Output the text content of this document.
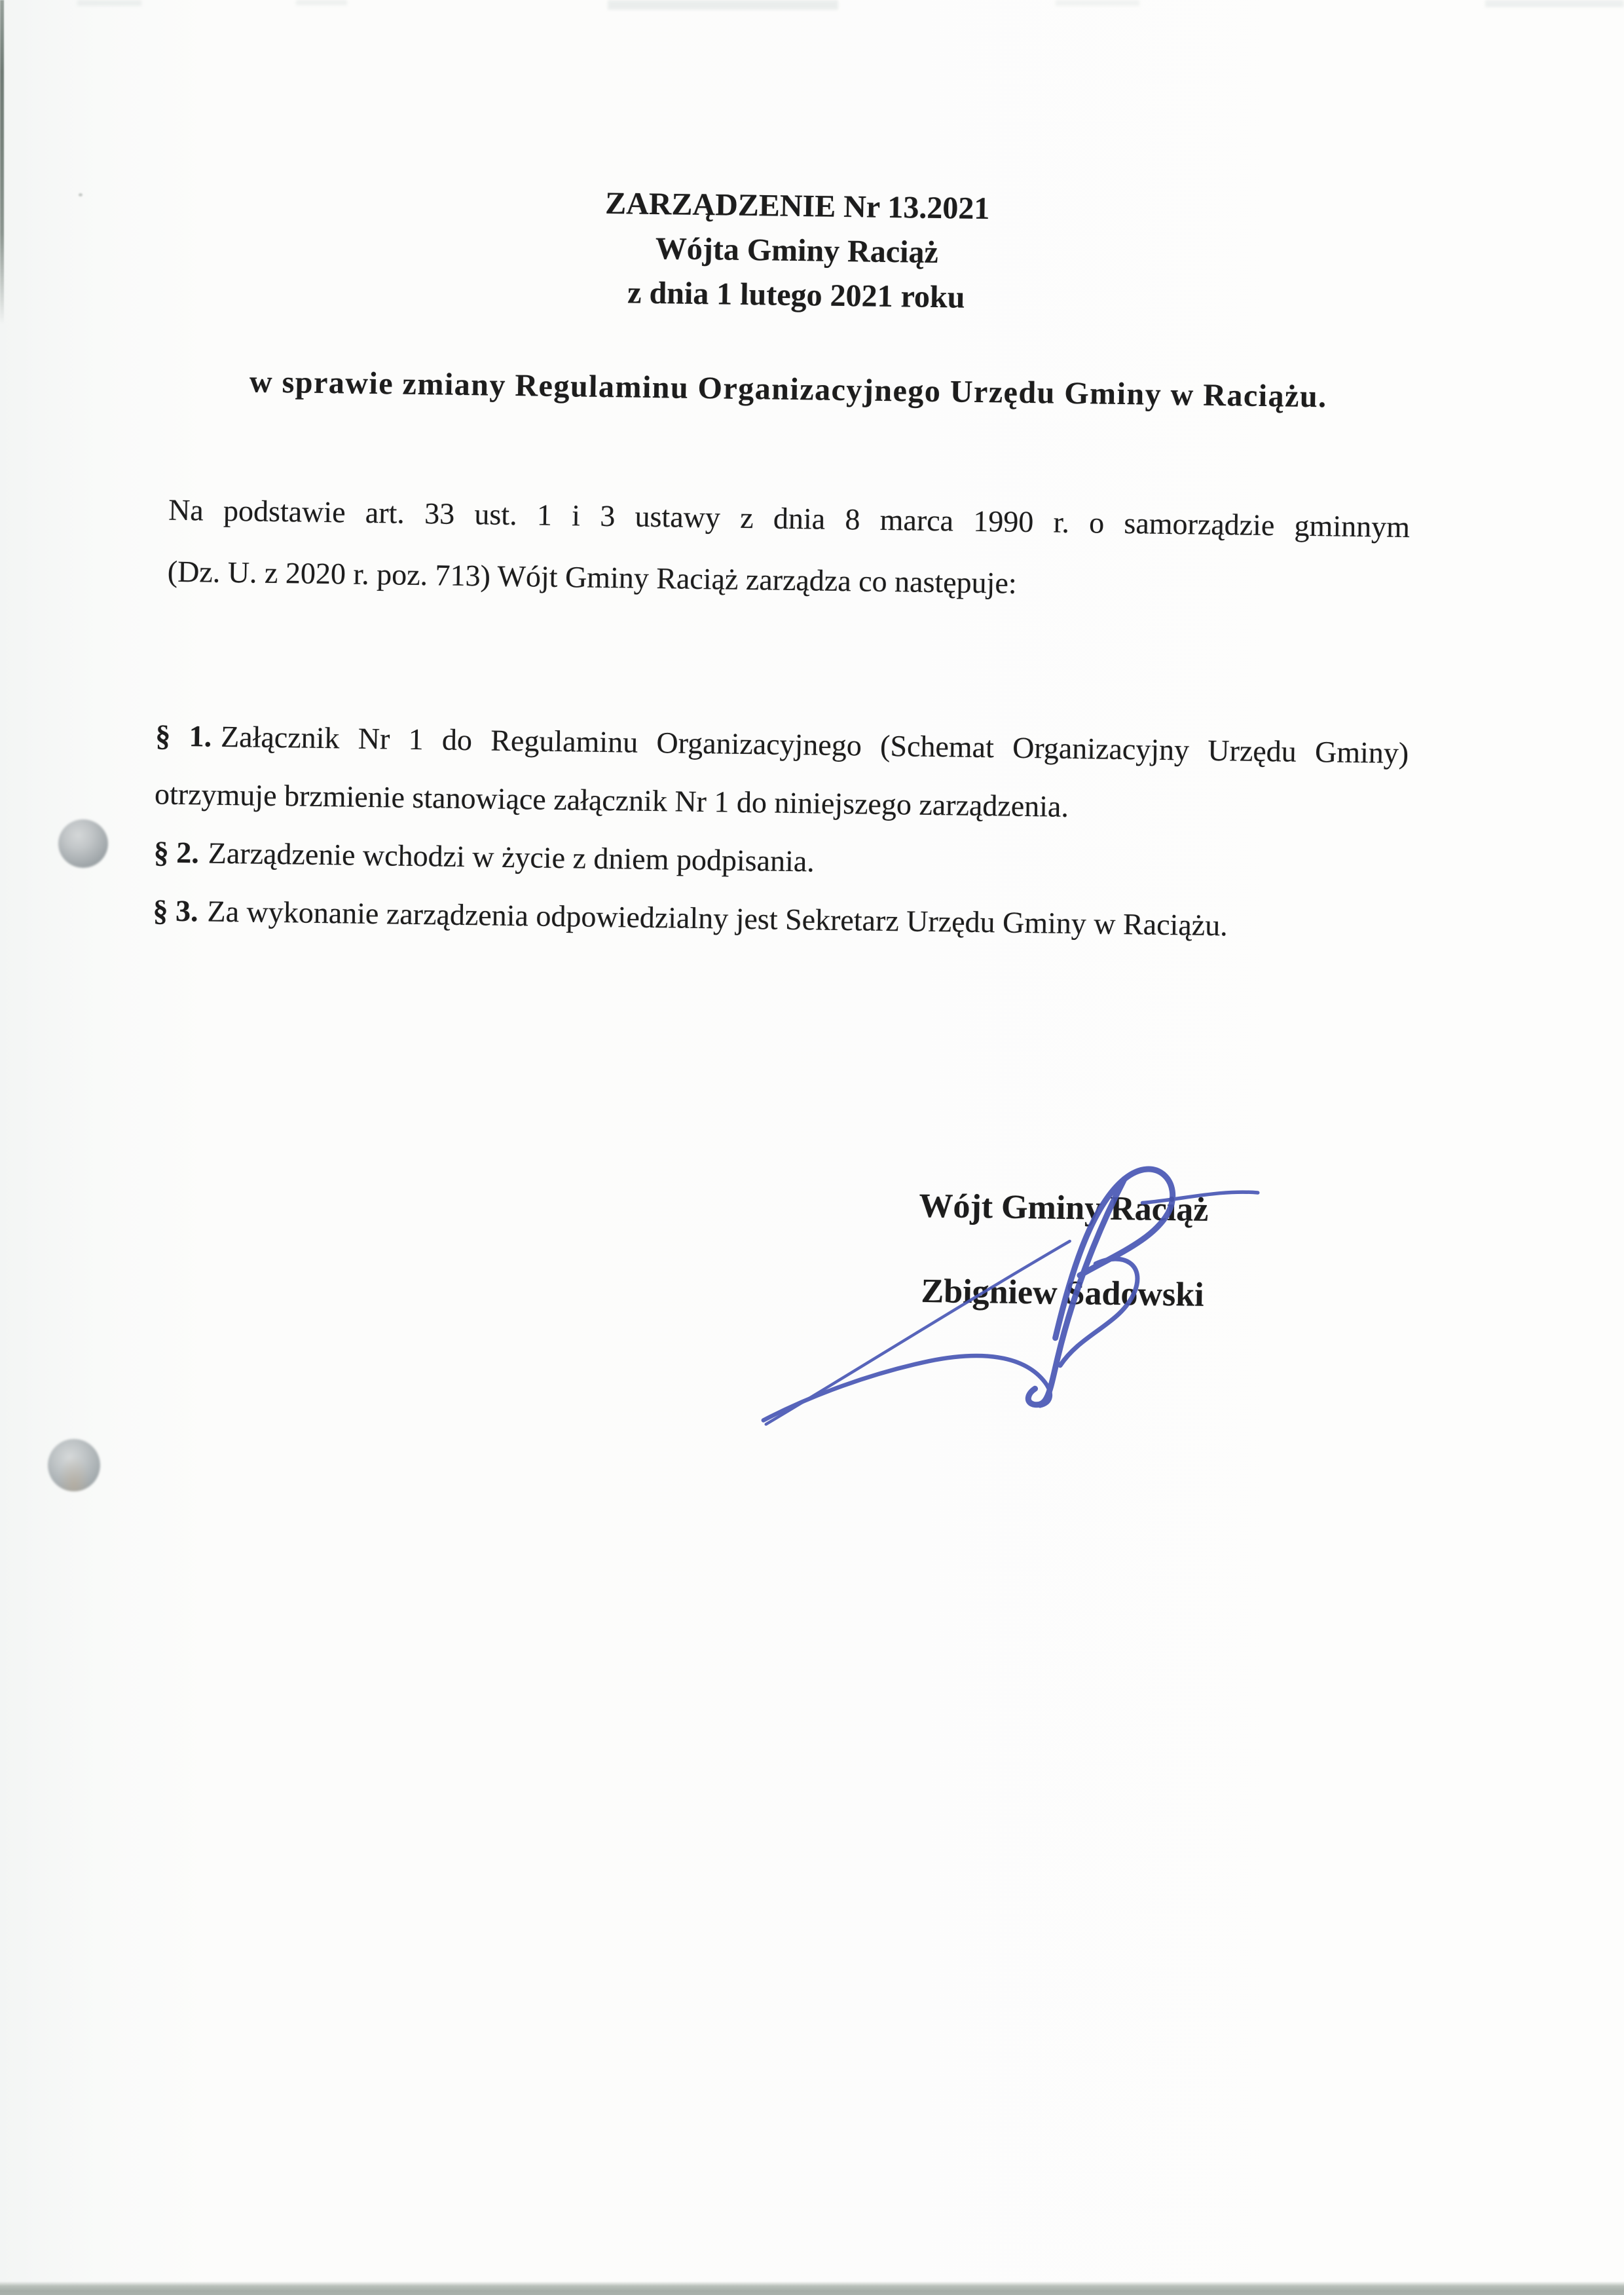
ZARZĄDZENIE Nr 13.2021
Wójta Gminy Raciąż
z dnia 1 lutego 2021 roku
w sprawie zmiany Regulaminu Organizacyjnego Urzędu Gminy w Raciążu.
Na podstawie art. 33 ust. 1 i 3 ustawy z dnia 8 marca 1990 r. o samorządzie gminnym
(Dz. U. z 2020 r. poz. 713) Wójt Gminy Raciąż zarządza co następuje:
§ 1. Załącznik Nr 1 do Regulaminu Organizacyjnego (Schemat Organizacyjny Urzędu Gminy)
otrzymuje brzmienie stanowiące załącznik Nr 1 do niniejszego zarządzenia.
§ 2. Zarządzenie wchodzi w życie z dniem podpisania.
§ 3. Za wykonanie zarządzenia odpowiedzialny jest Sekretarz Urzędu Gminy w Raciążu.
Wójt Gminy Raciąż
Zbigniew Sadowski
